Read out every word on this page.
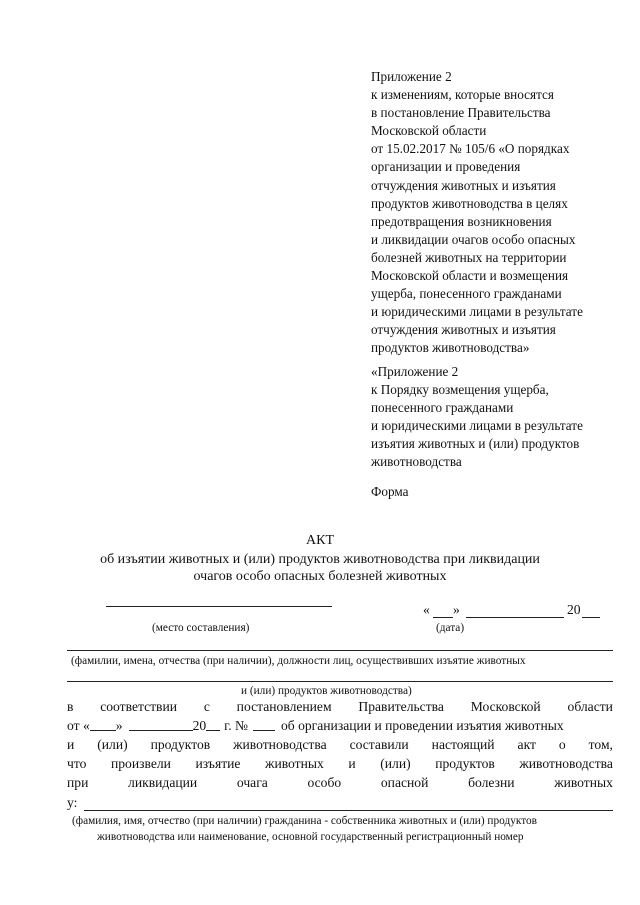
Приложение 2
к изменениям, которые вносятся
в постановление Правительства
Московской области
от 15.02.2017 № 105/6 «О порядках
организации и проведения
отчуждения животных и изъятия
продуктов животноводства в целях
предотвращения возникновения
и ликвидации очагов особо опасных
болезней животных на территории
Московской области и возмещения
ущерба, понесенного гражданами
и юридическими лицами в результате
отчуждения животных и изъятия
продуктов животноводства»
«Приложение 2
к Порядку возмещения ущерба,
понесенного гражданами
и юридическими лицами в результате
изъятия животных и (или) продуктов
животноводства
Форма
АКТ
об изъятии животных и (или) продуктов животноводства при ликвидации
очагов особо опасных болезней животных
(место составления)
« »	20
(дата)
(фамилии, имена, отчества (при наличии), должности лиц, осуществивших изъятие животных
и (или) продуктов животноводства)
в соответствии с постановлением Правительства Московской области
от « »	20 г. № об организации и проведении изъятия животных
и (или) продуктов животноводства составили настоящий акт о том,
что произвели изъятие животных и (или) продуктов животноводства
при	ликвидации	очага	особо	опасной	болезни	животных
у:
(фамилия, имя, отчество (при наличии) гражданина - собственника животных и (или) продуктов
животноводства или наименование, основной государственный регистрационный номер
